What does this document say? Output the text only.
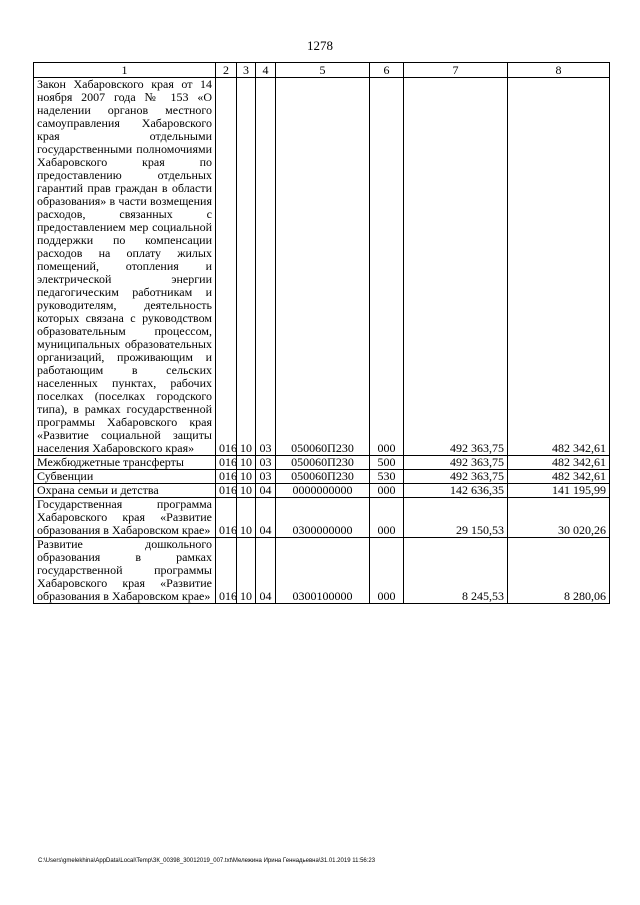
1278
1	2	3	4	5	6	7	8
Закон Хабаровского края от 14 ноября 2007 года № 153 «О наделении органов местного самоуправления Хабаровского края отдельными государственными полномочиями Хабаровского края по предоставлению отдельных гарантий прав граждан в области образования» в части возмещения расходов, связанных с предоставлением мер социальной поддержки по компенсации расходов на оплату жилых помещений, отопления и электрической энергии педагогическим работникам и руководителям, деятельность которых связана с руководством образовательным процессом, муниципальных образовательных организаций, проживающим и работающим в сельских населенных пунктах, рабочих поселках (поселках городского типа), в рамках государственной программы Хабаровского края «Развитие социальной защиты населения Хабаровского края»	016	10	03	050060П230	000	492 363,75	482 342,61
Межбюджетные трансферты	016	10	03	050060П230	500	492 363,75	482 342,61
Субвенции	016	10	03	050060П230	530	492 363,75	482 342,61
Охрана семьи и детства	016	10	04	0000000000	000	142 636,35	141 195,99
Государственная программа Хабаровского края «Развитие образования в Хабаровском крае»	016	10	04	0300000000	000	29 150,53	30 020,26
Развитие дошкольного образования в рамках государственной программы Хабаровского края «Развитие образования в Хабаровском крае»	016	10	04	0300100000	000	8 245,53	8 280,06
C:\Users\gmelekhina\AppData\Local\Temp\ЗК_00398_30012019_007.txt\Мележина Ирина Геннадьевна\31.01.2019 11:56:23
